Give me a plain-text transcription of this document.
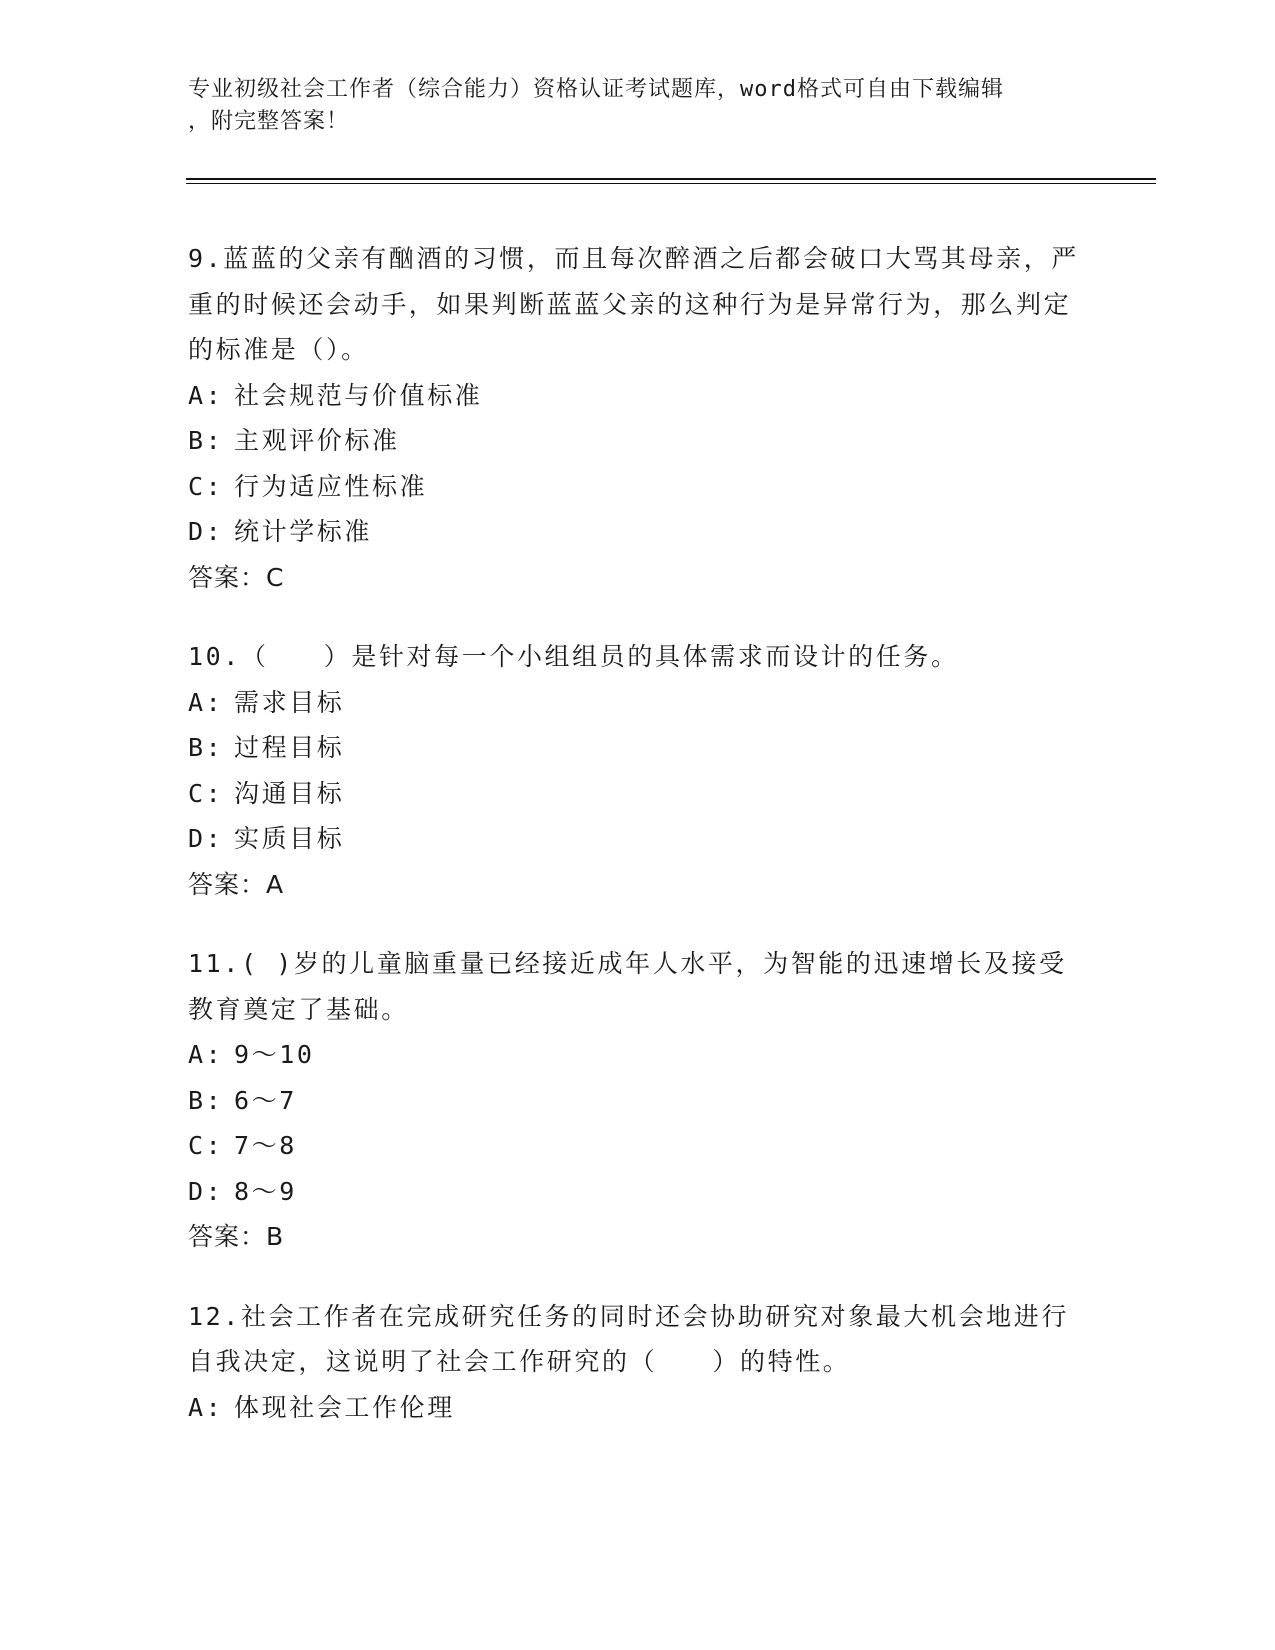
专业初级社会工作者（综合能力）资格认证考试题库，word格式可自由下载编辑
，附完整答案！
9.蓝蓝的父亲有酗酒的习惯，而且每次醉酒之后都会破口大骂其母亲，严重的时候还会动手，如果判断蓝蓝父亲的这种行为是异常行为，那么判定的标准是（）。
A: 社会规范与价值标准
B: 主观评价标准
C: 行为适应性标准
D: 统计学标准
答案：C
10.（　　）是针对每一个小组组员的具体需求而设计的任务。
A: 需求目标
B: 过程目标
C: 沟通目标
D: 实质目标
答案：A
11.( )岁的儿童脑重量已经接近成年人水平，为智能的迅速增长及接受教育奠定了基础。
A: 9～10
B: 6～7
C: 7～8
D: 8～9
答案：B
12.社会工作者在完成研究任务的同时还会协助研究对象最大机会地进行自我决定，这说明了社会工作研究的（　　）的特性。
A: 体现社会工作伦理
